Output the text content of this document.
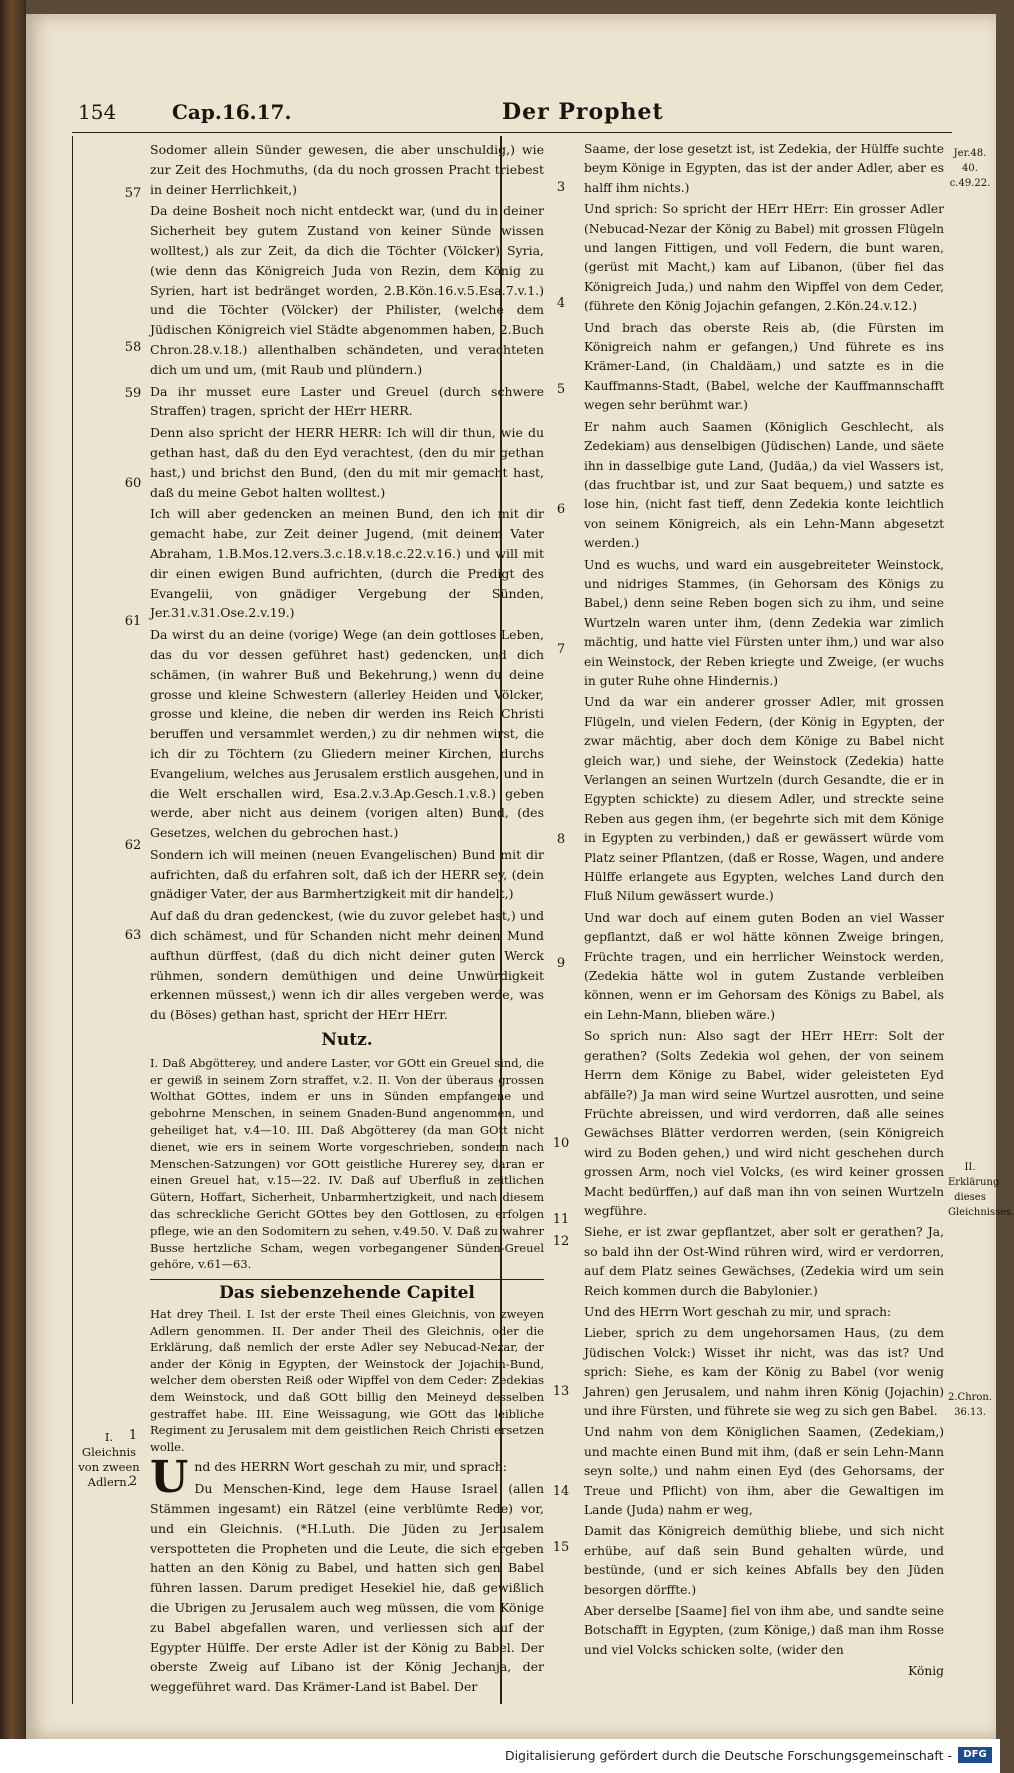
154	Cap.16.17.	Der Prophet
57
58
59
60
61
62
63
1
2
I. Gleichnis von zween Adlern.

Sodomer allein Sünder gewesen, die aber unschuldig,) wie zur Zeit des Hochmuths, (da du noch grossen Pracht triebest in deiner Herrlichkeit,)

Da deine Bosheit noch nicht entdeckt war, (und du in deiner Sicherheit bey gutem Zustand von keiner Sünde wissen wolltest,) als zur Zeit, da dich die Töchter (Völcker) Syria, (wie denn das Königreich Juda von Rezin, dem König zu Syrien, hart ist bedränget worden, 2.B.Kön.16.v.5.Esa.7.v.1.) und die Töchter (Völcker) der Philister, (welche dem Jüdischen Königreich viel Städte abgenommen haben, 2.Buch Chron.28.v.18.) allenthalben schändeten, und verachteten dich um und um, (mit Raub und plündern.)

Da ihr musset eure Laster und Greuel (durch schwere Straffen) tragen, spricht der HErr HERR.

Denn also spricht der HERR HERR: Ich will dir thun, wie du gethan hast, daß du den Eyd verachtest, (den du mir gethan hast,) und brichst den Bund, (den du mit mir gemacht hast, daß du meine Gebot halten wolltest.)

Ich will aber gedencken an meinen Bund, den ich mit dir gemacht habe, zur Zeit deiner Jugend, (mit deinem Vater Abraham, 1.B.Mos.12.vers.3.c.18.v.18.c.22.v.16.) und will mit dir einen ewigen Bund aufrichten, (durch die Predigt des Evangelii, von gnädiger Vergebung der Sünden, Jer.31.v.31.Ose.2.v.19.)

Da wirst du an deine (vorige) Wege (an dein gottloses Leben, das du vor dessen geführet hast) gedencken, und dich schämen, (in wahrer Buß und Bekehrung,) wenn du deine grosse und kleine Schwestern (allerley Heiden und Völcker, grosse und kleine, die neben dir werden ins Reich Christi beruffen und versammlet werden,) zu dir nehmen wirst, die ich dir zu Töchtern (zu Gliedern meiner Kirchen, durchs Evangelium, welches aus Jerusalem erstlich ausgehen, und in die Welt erschallen wird, Esa.2.v.3.Ap.Gesch.1.v.8.) geben werde, aber nicht aus deinem (vorigen alten) Bund, (des Gesetzes, welchen du gebrochen hast.)

Sondern ich will meinen (neuen Evangelischen) Bund mit dir aufrichten, daß du erfahren solt, daß ich der HERR sey, (dein gnädiger Vater, der aus Barmhertzigkeit mit dir handelt,)

Auf daß du dran gedenckest, (wie du zuvor gelebet hast,) und dich schämest, und für Schanden nicht mehr deinen Mund aufthun dürffest, (daß du dich nicht deiner guten Werck rühmen, sondern demüthigen und deine Unwürdigkeit erkennen müssest,) wenn ich dir alles vergeben werde, was du (Böses) gethan hast, spricht der HErr HErr.

Nutz.

I. Daß Abgötterey, und andere Laster, vor GOtt ein Greuel sind, die er gewiß in seinem Zorn straffet, v.2. II. Von der überaus grossen Wolthat GOttes, indem er uns in Sünden empfangene und gebohrne Menschen, in seinem Gnaden-Bund angenommen, und geheiliget hat, v.4—10. III. Daß Abgötterey (da man GOtt nicht dienet, wie ers in seinem Worte vorgeschrieben, sondern nach Menschen-Satzungen) vor GOtt geistliche Hurerey sey, daran er einen Greuel hat, v.15—22. IV. Daß auf Uberfluß in zeitlichen Gütern, Hoffart, Sicherheit, Unbarmhertzigkeit, und nach diesem das schreckliche Gericht GOttes bey den Gottlosen, zu erfolgen pflege, wie an den Sodomitern zu sehen, v.49.50. V. Daß zu wahrer Busse hertzliche Scham, wegen vorbegangener Sünden-Greuel gehöre, v.61—63.

Das siebenzehende Capitel

Hat drey Theil. I. Ist der erste Theil eines Gleichnis, von zweyen Adlern genommen. II. Der ander Theil des Gleichnis, oder die Erklärung, daß nemlich der erste Adler sey Nebucad-Nezar, der ander der König in Egypten, der Weinstock der Jojachin-Bund, welcher dem obersten Reiß oder Wipffel von dem Ceder: Zedekias dem Weinstock, und daß GOtt billig den Meineyd desselben gestraffet habe. III. Eine Weissagung, wie GOtt das leibliche Regiment zu Jerusalem mit dem geistlichen Reich Christi ersetzen wolle.

Und des HERRN Wort geschah zu mir, und sprach:

Du Menschen-Kind, lege dem Hause Israel (allen Stämmen ingesamt) ein Rätzel (eine verblümte Rede) vor, und ein Gleichnis. (*H.Luth. Die Jüden zu Jerusalem verspotteten die Propheten und die Leute, die sich ergeben hatten an den König zu Babel, und hatten sich gen Babel führen lassen. Darum prediget Hesekiel hie, daß gewißlich die Ubrigen zu Jerusalem auch weg müssen, die vom Könige zu Babel abgefallen waren, und verliessen sich auf der Egypter Hülffe. Der erste Adler ist der König zu Babel. Der oberste Zweig auf Libano ist der König Jechanja, der weggeführet ward. Das Krämer-Land ist Babel. Der

3
4
5
6
7
8
9
10
11
12
13
14
15
Jer.48. 40. c.49.22.
II. Erklärung dieses Gleichnisses.
2.Chron. 36.13.

Saame, der lose gesetzt ist, ist Zedekia, der Hülffe suchte beym Könige in Egypten, das ist der ander Adler, aber es halff ihm nichts.)

Und sprich: So spricht der HErr HErr: Ein grosser Adler (Nebucad-Nezar der König zu Babel) mit grossen Flügeln und langen Fittigen, und voll Federn, die bunt waren, (gerüst mit Macht,) kam auf Libanon, (über fiel das Königreich Juda,) und nahm den Wipffel von dem Ceder, (führete den König Jojachin gefangen, 2.Kön.24.v.12.)

Und brach das oberste Reis ab, (die Fürsten im Königreich nahm er gefangen,) Und führete es ins Krämer-Land, (in Chaldäam,) und satzte es in die Kauffmanns-Stadt, (Babel, welche der Kauffmannschafft wegen sehr berühmt war.)

Er nahm auch Saamen (Königlich Geschlecht, als Zedekiam) aus denselbigen (Jüdischen) Lande, und säete ihn in dasselbige gute Land, (Judäa,) da viel Wassers ist, (das fruchtbar ist, und zur Saat bequem,) und satzte es lose hin, (nicht fast tieff, denn Zedekia konte leichtlich von seinem Königreich, als ein Lehn-Mann abgesetzt werden.)

Und es wuchs, und ward ein ausgebreiteter Weinstock, und nidriges Stammes, (in Gehorsam des Königs zu Babel,) denn seine Reben bogen sich zu ihm, und seine Wurtzeln waren unter ihm, (denn Zedekia war zimlich mächtig, und hatte viel Fürsten unter ihm,) und war also ein Weinstock, der Reben kriegte und Zweige, (er wuchs in guter Ruhe ohne Hindernis.)

Und da war ein anderer grosser Adler, mit grossen Flügeln, und vielen Federn, (der König in Egypten, der zwar mächtig, aber doch dem Könige zu Babel nicht gleich war,) und siehe, der Weinstock (Zedekia) hatte Verlangen an seinen Wurtzeln (durch Gesandte, die er in Egypten schickte) zu diesem Adler, und streckte seine Reben aus gegen ihm, (er begehrte sich mit dem Könige in Egypten zu verbinden,) daß er gewässert würde vom Platz seiner Pflantzen, (daß er Rosse, Wagen, und andere Hülffe erlangete aus Egypten, welches Land durch den Fluß Nilum gewässert wurde.)

Und war doch auf einem guten Boden an viel Wasser gepflantzt, daß er wol hätte können Zweige bringen, Früchte tragen, und ein herrlicher Weinstock werden, (Zedekia hätte wol in gutem Zustande verbleiben können, wenn er im Gehorsam des Königs zu Babel, als ein Lehn-Mann, blieben wäre.)

So sprich nun: Also sagt der HErr HErr: Solt der gerathen? (Solts Zedekia wol gehen, der von seinem Herrn dem Könige zu Babel, wider geleisteten Eyd abfälle?) Ja man wird seine Wurtzel ausrotten, und seine Früchte abreissen, und wird verdorren, daß alle seines Gewächses Blätter verdorren werden, (sein Königreich wird zu Boden gehen,) und wird nicht geschehen durch grossen Arm, noch viel Volcks, (es wird keiner grossen Macht bedürffen,) auf daß man ihn von seinen Wurtzeln wegführe.

Siehe, er ist zwar gepflantzet, aber solt er gerathen? Ja, so bald ihn der Ost-Wind rühren wird, wird er verdorren, auf dem Platz seines Gewächses, (Zedekia wird um sein Reich kommen durch die Babylonier.)

Und des HErrn Wort geschah zu mir, und sprach:

Lieber, sprich zu dem ungehorsamen Haus, (zu dem Jüdischen Volck:) Wisset ihr nicht, was das ist? Und sprich: Siehe, es kam der König zu Babel (vor wenig Jahren) gen Jerusalem, und nahm ihren König (Jojachin) und ihre Fürsten, und führete sie weg zu sich gen Babel.

Und nahm von dem Königlichen Saamen, (Zedekiam,) und machte einen Bund mit ihm, (daß er sein Lehn-Mann seyn solte,) und nahm einen Eyd (des Gehorsams, der Treue und Pflicht) von ihm, aber die Gewaltigen im Lande (Juda) nahm er weg,

Damit das Königreich demüthig bliebe, und sich nicht erhübe, auf daß sein Bund gehalten würde, und bestünde, (und er sich keines Abfalls bey den Jüden besorgen dörffte.)

Aber derselbe [Saame] fiel von ihm abe, und sandte seine Botschafft in Egypten, (zum Könige,) daß man ihm Rosse und viel Volcks schicken solte, (wider den

König

Digitalisierung gefördert durch die Deutsche Forschungsgemeinschaft -	DFG
